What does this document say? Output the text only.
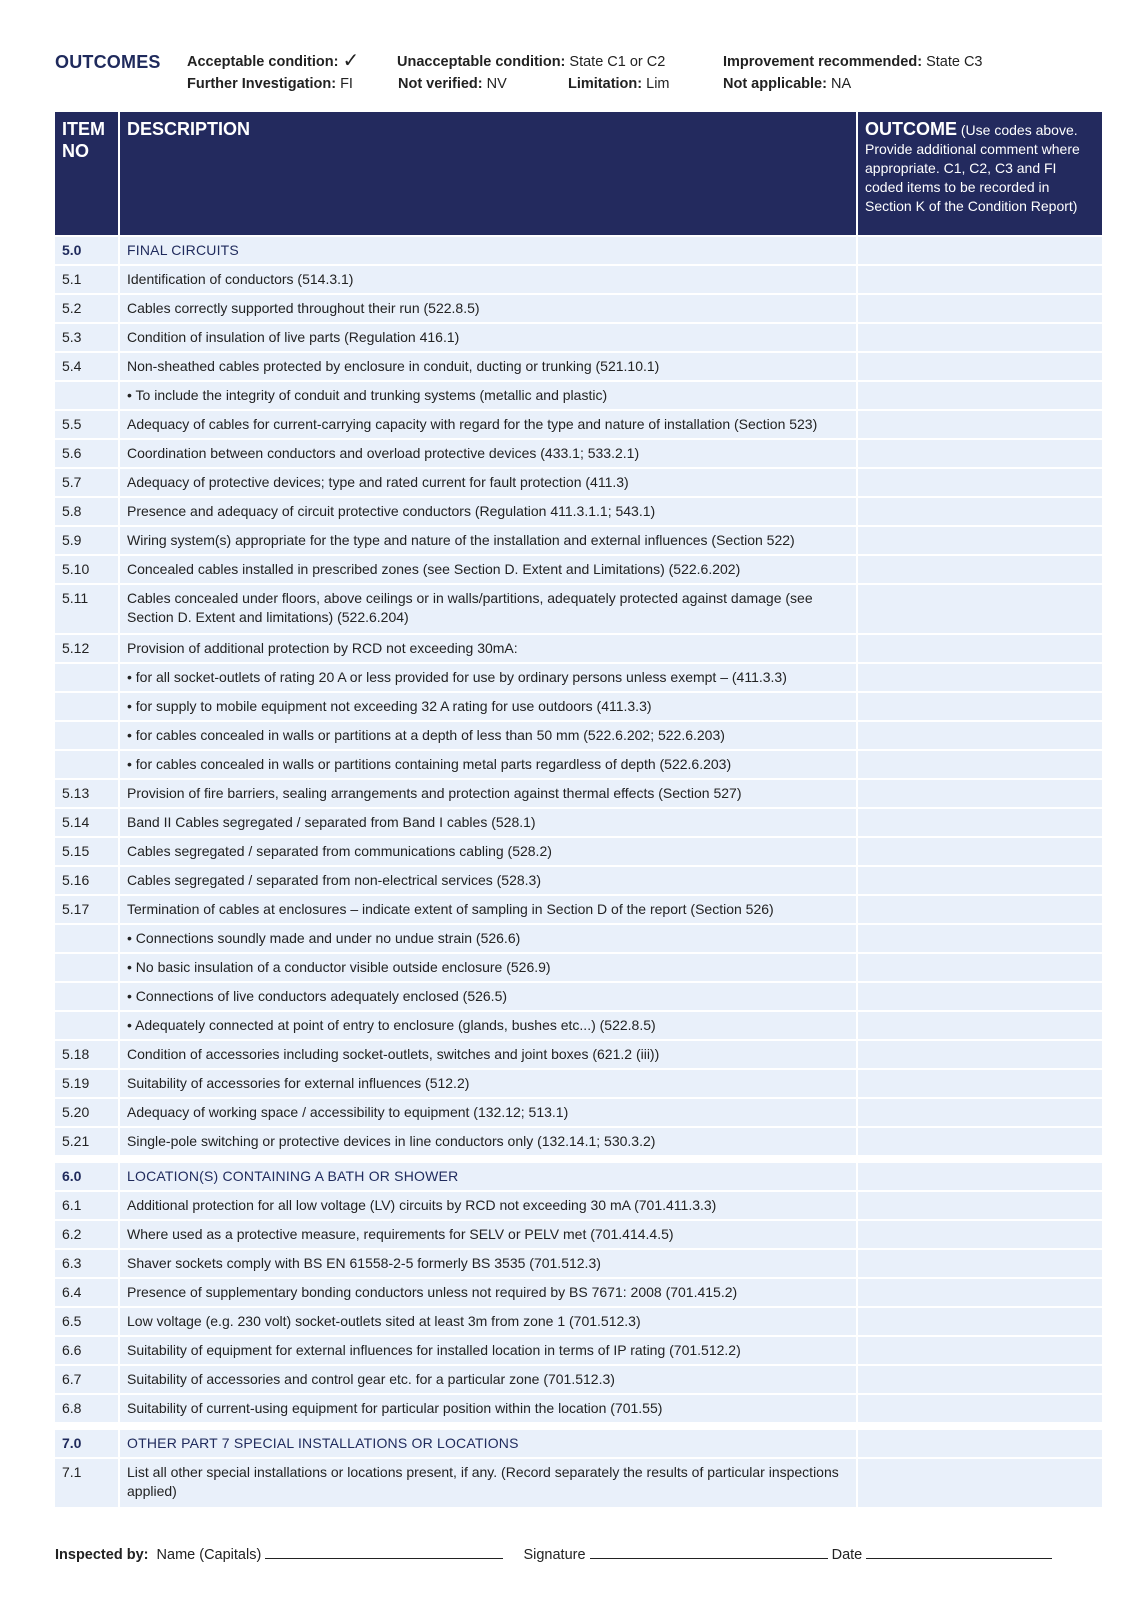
OUTCOMES Acceptable condition: ✓	Unacceptable condition: State C1 or C2	Improvement recommended: State C3
Further Investigation: FI	Not verified: NV	Limitation: Lim	Not applicable: NA
ITEM NO	DESCRIPTION	OUTCOME (Use codes above. Provide additional comment where appropriate. C1, C2, C3 and FI coded items to be recorded in Section K of the Condition Report)

5.0	FINAL CIRCUITS	
5.1	Identification of conductors (514.3.1)	
5.2	Cables correctly supported throughout their run (522.8.5)	
5.3	Condition of insulation of live parts (Regulation 416.1)	
5.4	Non-sheathed cables protected by enclosure in conduit, ducting or trunking (521.10.1)	
	• To include the integrity of conduit and trunking systems (metallic and plastic)	
5.5	Adequacy of cables for current-carrying capacity with regard for the type and nature of installation (Section 523)	
5.6	Coordination between conductors and overload protective devices (433.1; 533.2.1)	
5.7	Adequacy of protective devices; type and rated current for fault protection (411.3)	
5.8	Presence and adequacy of circuit protective conductors (Regulation 411.3.1.1; 543.1)	
5.9	Wiring system(s) appropriate for the type and nature of the installation and external influences (Section 522)	
5.10	Concealed cables installed in prescribed zones (see Section D. Extent and Limitations) (522.6.202)	
5.11	Cables concealed under floors, above ceilings or in walls/partitions, adequately protected against damage (see Section D. Extent and limitations) (522.6.204)	
5.12	Provision of additional protection by RCD not exceeding 30mA:	
	• for all socket-outlets of rating 20 A or less provided for use by ordinary persons unless exempt – (411.3.3)	
	• for supply to mobile equipment not exceeding 32 A rating for use outdoors (411.3.3)	
	• for cables concealed in walls or partitions at a depth of less than 50 mm (522.6.202; 522.6.203)	
	• for cables concealed in walls or partitions containing metal parts regardless of depth (522.6.203)	
5.13	Provision of fire barriers, sealing arrangements and protection against thermal effects (Section 527)	
5.14	Band II Cables segregated / separated from Band I cables (528.1)	
5.15	Cables segregated / separated from communications cabling (528.2)	
5.16	Cables segregated / separated from non-electrical services (528.3)	
5.17	Termination of cables at enclosures – indicate extent of sampling in Section D of the report (Section 526)	
	• Connections soundly made and under no undue strain (526.6)	
	• No basic insulation of a conductor visible outside enclosure (526.9)	
	• Connections of live conductors adequately enclosed (526.5)	
	• Adequately connected at point of entry to enclosure (glands, bushes etc...) (522.8.5)	
5.18	Condition of accessories including socket-outlets, switches and joint boxes (621.2 (iii))	
5.19	Suitability of accessories for external influences (512.2)	
5.20	Adequacy of working space / accessibility to equipment (132.12; 513.1)	
5.21	Single-pole switching or protective devices in line conductors only (132.14.1; 530.3.2)	

6.0	LOCATION(S) CONTAINING A BATH OR SHOWER	
6.1	Additional protection for all low voltage (LV) circuits by RCD not exceeding 30 mA (701.411.3.3)	
6.2	Where used as a protective measure, requirements for SELV or PELV met (701.414.4.5)	
6.3	Shaver sockets comply with BS EN 61558-2-5 formerly BS 3535 (701.512.3)	
6.4	Presence of supplementary bonding conductors unless not required by BS 7671: 2008 (701.415.2)	
6.5	Low voltage (e.g. 230 volt) socket-outlets sited at least 3m from zone 1 (701.512.3)	
6.6	Suitability of equipment for external influences for installed location in terms of IP rating (701.512.2)	
6.7	Suitability of accessories and control gear etc. for a particular zone (701.512.3)	
6.8	Suitability of current-using equipment for particular position within the location (701.55)	

7.0	OTHER PART 7 SPECIAL INSTALLATIONS OR LOCATIONS	
7.1	List all other special installations or locations present, if any. (Record separately the results of particular inspections applied)	
Inspected by: Name (Capitals)	Signature	Date
